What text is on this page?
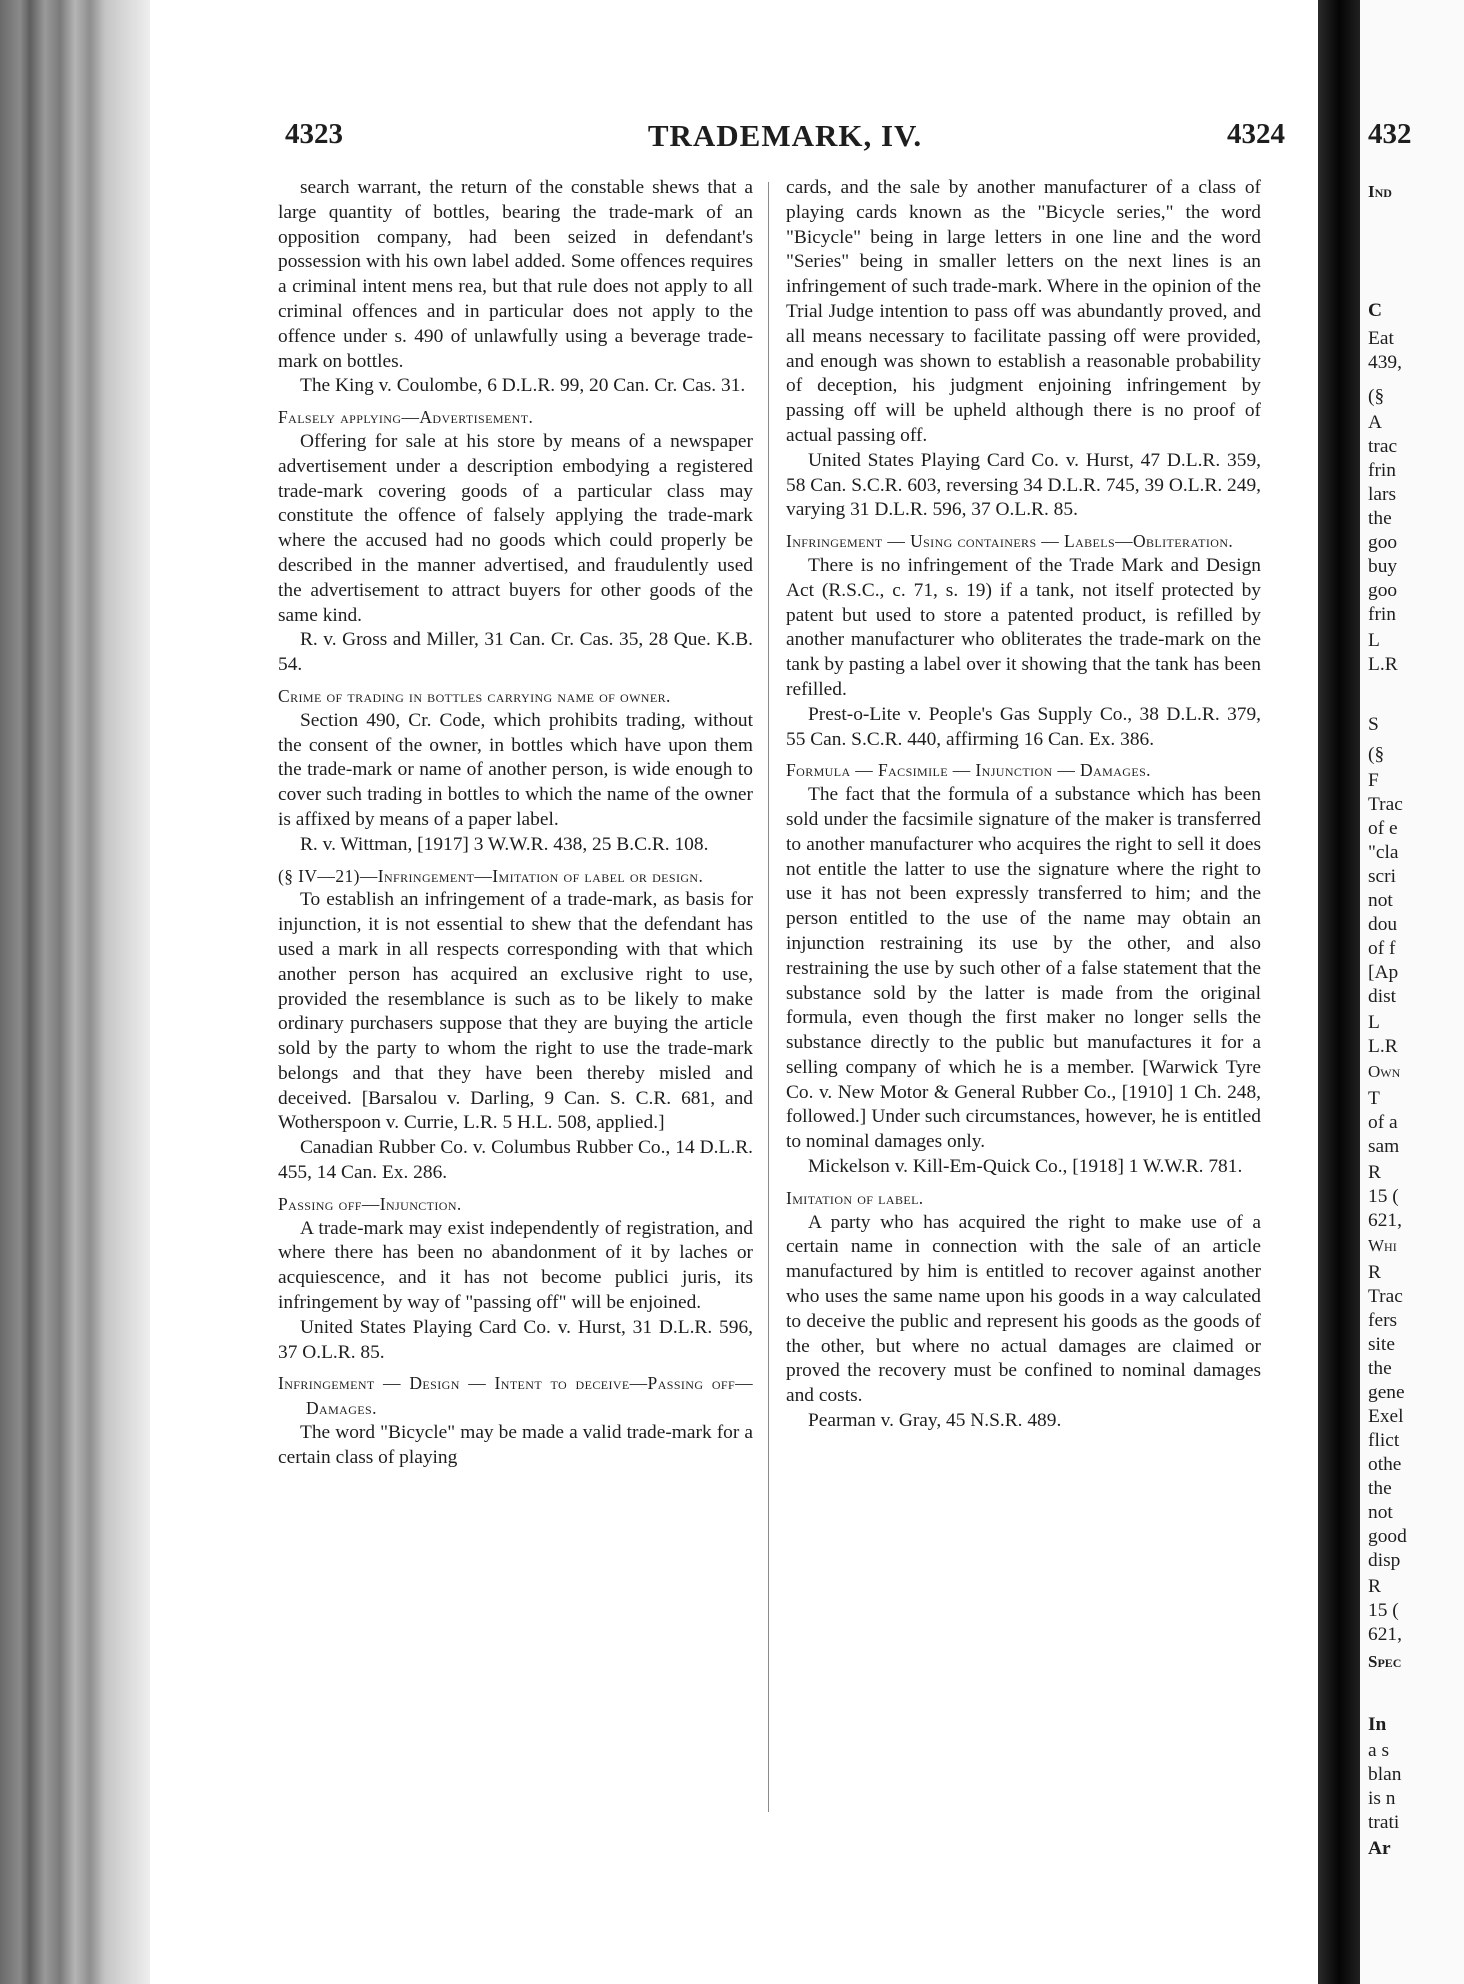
TRADEMARK, IV.
4323	4324

search warrant, the return of the constable shews that a large quantity of bottles, bearing the trade-mark of an opposition company, had been seized in defendant's possession with his own label added. Some offences requires a criminal intent mens rea, but that rule does not apply to all criminal offences and in particular does not apply to the offence under s. 490 of unlawfully using a beverage trade-mark on bottles.

The King v. Coulombe, 6 D.L.R. 99, 20 Can. Cr. Cas. 31.

Falsely applying—Advertisement.

Offering for sale at his store by means of a newspaper advertisement under a description embodying a registered trade-mark covering goods of a particular class may constitute the offence of falsely applying the trade-mark where the accused had no goods which could properly be described in the manner advertised, and fraudulently used the advertisement to attract buyers for other goods of the same kind.

R. v. Gross and Miller, 31 Can. Cr. Cas. 35, 28 Que. K.B. 54.

Crime of trading in bottles carrying name of owner.

Section 490, Cr. Code, which prohibits trading, without the consent of the owner, in bottles which have upon them the trade-mark or name of another person, is wide enough to cover such trading in bottles to which the name of the owner is affixed by means of a paper label.

R. v. Wittman, [1917] 3 W.W.R. 438, 25 B.C.R. 108.

(§ IV—21)—Infringement—Imitation of label or design.

To establish an infringement of a trade-mark, as basis for injunction, it is not essential to shew that the defendant has used a mark in all respects corresponding with that which another person has acquired an exclusive right to use, provided the resemblance is such as to be likely to make ordinary purchasers suppose that they are buying the article sold by the party to whom the right to use the trade-mark belongs and that they have been thereby misled and deceived. [Barsalou v. Darling, 9 Can. S. C.R. 681, and Wotherspoon v. Currie, L.R. 5 H.L. 508, applied.]

Canadian Rubber Co. v. Columbus Rubber Co., 14 D.L.R. 455, 14 Can. Ex. 286.

Passing off—Injunction.

A trade-mark may exist independently of registration, and where there has been no abandonment of it by laches or acquiescence, and it has not become publici juris, its infringement by way of "passing off" will be enjoined.

United States Playing Card Co. v. Hurst, 31 D.L.R. 596, 37 O.L.R. 85.

Infringement — Design — Intent to deceive—Passing off—Damages.

The word "Bicycle" may be made a valid trade-mark for a certain class of playing

cards, and the sale by another manufacturer of a class of playing cards known as the "Bicycle series," the word "Bicycle" being in large letters in one line and the word "Series" being in smaller letters on the next lines is an infringement of such trade-mark. Where in the opinion of the Trial Judge intention to pass off was abundantly proved, and all means necessary to facilitate passing off were provided, and enough was shown to establish a reasonable probability of deception, his judgment enjoining infringement by passing off will be upheld although there is no proof of actual passing off.

United States Playing Card Co. v. Hurst, 47 D.L.R. 359, 58 Can. S.C.R. 603, reversing 34 D.L.R. 745, 39 O.L.R. 249, varying 31 D.L.R. 596, 37 O.L.R. 85.

Infringement — Using containers — Labels—Obliteration.

There is no infringement of the Trade Mark and Design Act (R.S.C., c. 71, s. 19) if a tank, not itself protected by patent but used to store a patented product, is refilled by another manufacturer who obliterates the trade-mark on the tank by pasting a label over it showing that the tank has been refilled.

Prest-o-Lite v. People's Gas Supply Co., 38 D.L.R. 379, 55 Can. S.C.R. 440, affirming 16 Can. Ex. 386.

Formula — Facsimile — Injunction — Damages.

The fact that the formula of a substance which has been sold under the facsimile signature of the maker is transferred to another manufacturer who acquires the right to sell it does not entitle the latter to use the signature where the right to use it has not been expressly transferred to him; and the person entitled to the use of the name may obtain an injunction restraining its use by the other, and also restraining the use by such other of a false statement that the substance sold by the latter is made from the original formula, even though the first maker no longer sells the substance directly to the public but manufactures it for a selling company of which he is a member. [Warwick Tyre Co. v. New Motor & General Rubber Co., [1910] 1 Ch. 248, followed.] Under such circumstances, however, he is entitled to nominal damages only.

Mickelson v. Kill-Em-Quick Co., [1918] 1 W.W.R. 781.

Imitation of label.

A party who has acquired the right to make use of a certain name in connection with the sale of an article manufactured by him is entitled to recover against another who uses the same name upon his goods in a way calculated to deceive the public and represent his goods as the goods of the other, but where no actual damages are claimed or proved the recovery must be confined to nominal damages and costs.

Pearman v. Gray, 45 N.S.R. 489.

432
Ind
C
Eat
439,
(§
A
trac
frin
lars
the
goo
buy
goo
frin
L
L.R
S
(§
F
Trac
of e
"cla
scri
not
dou
of f
[Ap
dist
L
L.R
Own
T
of a
sam
R
15 (
621,
Whi
R
Trac
fers
site
the
gene
Exel
flict
othe
the
not
good
disp
R
15 (
621,
Spec
In
a s
blan
is n
trati
Ar
